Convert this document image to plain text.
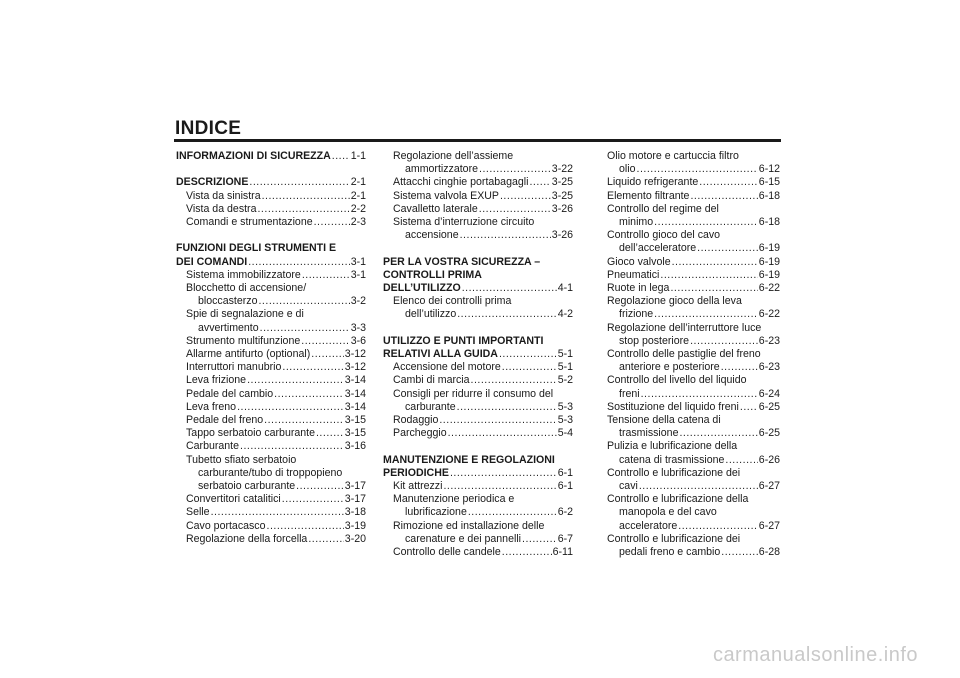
INDICE
INFORMAZIONI DI SICUREZZA ..... 1-1
DESCRIZIONE .....	2-1
Vista da sinistra .....	2-1
Vista da destra .....	2-2
Comandi e strumentazione .....	2-3
FUNZIONI DEGLI STRUMENTI E
DEI COMANDI .....	3-1
Sistema immobilizzatore .....	3-1
Blocchetto di accensione/
bloccasterzo .....	3-2
Spie di segnalazione e di
avvertimento .....	3-3
Strumento multifunzione .....	3-6
Allarme antifurto (optional) .....	3-12
Interruttori manubrio .....	3-12
Leva frizione .....	3-14
Pedale del cambio .....	3-14
Leva freno .....	3-14
Pedale del freno .....	3-15
Tappo serbatoio carburante .....	3-15
Carburante .....	3-16
Tubetto sfiato serbatoio
carburante/tubo di troppopieno
serbatoio carburante .....	3-17
Convertitori catalitici .....	3-17
Selle .....	3-18
Cavo portacasco .....	3-19
Regolazione della forcella .....	3-20
Regolazione dell’assieme
ammortizzatore .....	3-22
Attacchi cinghie portabagagli ..... 3-25
Sistema valvola EXUP .....	3-25
Cavalletto laterale .....	3-26
Sistema d’interruzione circuito
accensione .....	3-26
PER LA VOSTRA SICUREZZA –
CONTROLLI PRIMA
DELL’UTILIZZO .....	4-1
Elenco dei controlli prima
dell’utilizzo .....	4-2
UTILIZZO E PUNTI IMPORTANTI
RELATIVI ALLA GUIDA .....	5-1
Accensione del motore .....	5-1
Cambi di marcia .....	5-2
Consigli per ridurre il consumo del
carburante .....	5-3
Rodaggio .....	5-3
Parcheggio .....	5-4
MANUTENZIONE E REGOLAZIONI
PERIODICHE .....	6-1
Kit attrezzi .....	6-1
Manutenzione periodica e
lubrificazione .....	6-2
Rimozione ed installazione delle
carenature e dei pannelli .....	6-7
Controllo delle candele .....	6-11
Olio motore e cartuccia filtro
olio .....	6-12
Liquido refrigerante .....	6-15
Elemento filtrante .....	6-18
Controllo del regime del
minimo .....	6-18
Controllo gioco del cavo
dell’acceleratore .....	6-19
Gioco valvole .....	6-19
Pneumatici .....	6-19
Ruote in lega .....	6-22
Regolazione gioco della leva
frizione .....	6-22
Regolazione dell’interruttore luce
stop posteriore .....	6-23
Controllo delle pastiglie del freno
anteriore e posteriore .....	6-23
Controllo del livello del liquido
freni .....	6-24
Sostituzione del liquido freni ..... 6-25
Tensione della catena di
trasmissione .....	6-25
Pulizia e lubrificazione della
catena di trasmissione .....	6-26
Controllo e lubrificazione dei
cavi .....	6-27
Controllo e lubrificazione della
manopola e del cavo
acceleratore .....	6-27
Controllo e lubrificazione dei
pedali freno e cambio .....	6-28
carmanualsonline.info
